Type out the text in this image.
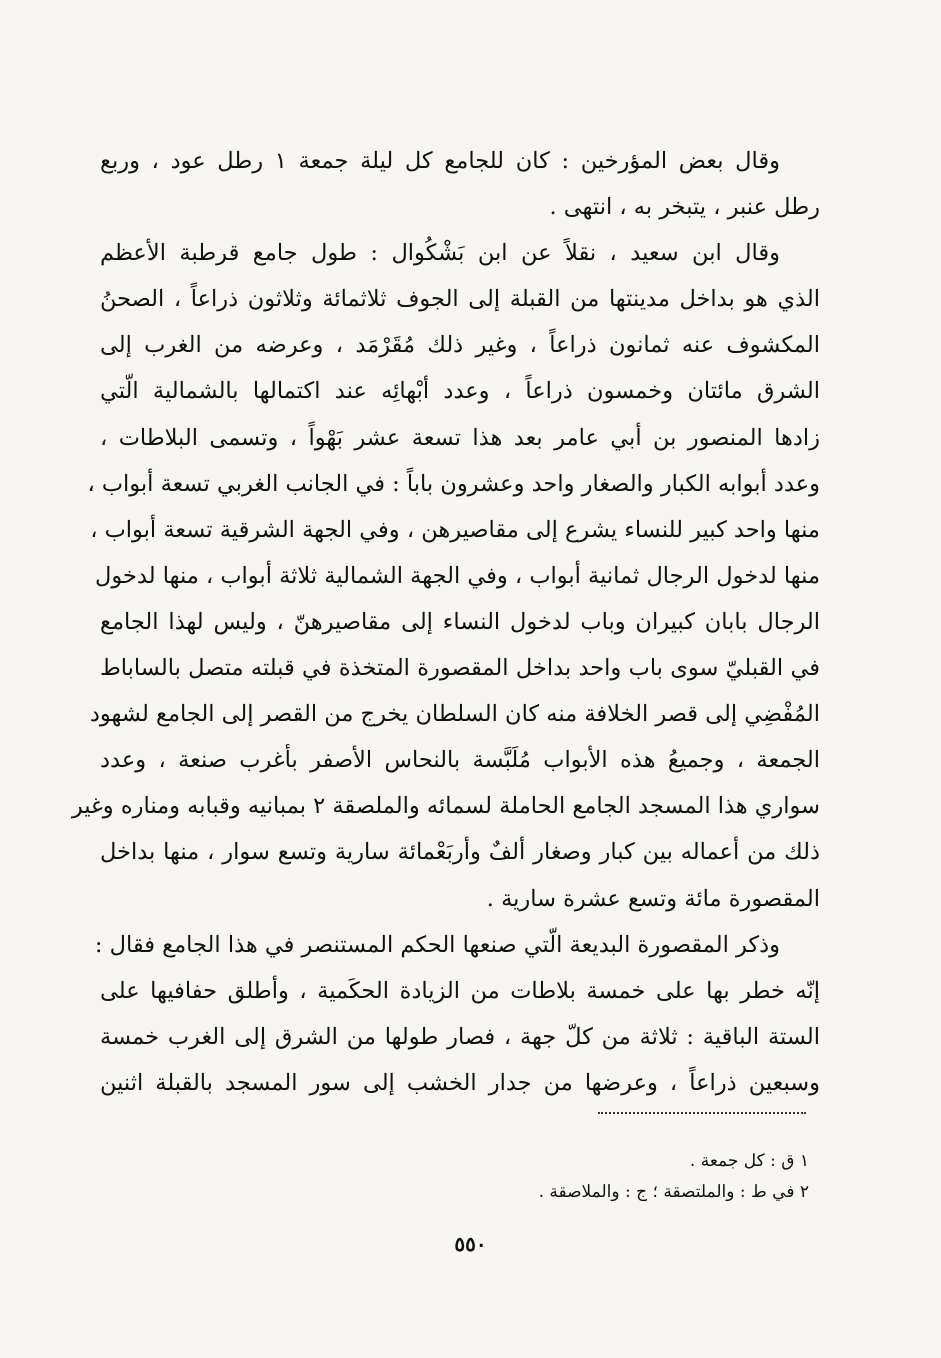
وقال بعض المؤرخين : كان للجامع كل ليلة جمعة ١ رطل عود ، وربع
رطل عنبر ، يتبخر به ، انتهى .
وقال ابن سعيد ، نقلاً عن ابن بَشْكُوال : طول جامع قرطبة الأعظم
الذي هو بداخل مدينتها من القبلة إلى الجوف ثلاثمائة وثلاثون ذراعاً ، الصحنُ
المكشوف عنه ثمانون ذراعاً ، وغير ذلك مُقَرْمَد ، وعرضه من الغرب إلى
الشرق مائتان وخمسون ذراعاً ، وعدد أبْهائِه عند اكتمالها بالشمالية الّتي
زادها المنصور بن أبي عامر بعد هذا تسعة عشر بَهْواً ، وتسمى البلاطات ،
وعدد أبوابه الكبار والصغار واحد وعشرون باباً : في الجانب الغربي تسعة أبواب ،
منها واحد كبير للنساء يشرع إلى مقاصيرهن ، وفي الجهة الشرقية تسعة أبواب ،
منها لدخول الرجال ثمانية أبواب ، وفي الجهة الشمالية ثلاثة أبواب ، منها لدخول
الرجال بابان كبيران وباب لدخول النساء إلى مقاصيرهنّ ، وليس لهذا الجامع
في القبليّ سوى باب واحد بداخل المقصورة المتخذة في قبلته متصل بالساباط
المُفْضِي إلى قصر الخلافة منه كان السلطان يخرج من القصر إلى الجامع لشهود
الجمعة ، وجميعُ هذه الأبواب مُلَبَّسة بالنحاس الأصفر بأغرب صنعة ، وعدد
سواري هذا المسجد الجامع الحاملة لسمائه والملصقة ٢ بمبانيه وقبابه ومناره وغير
ذلك من أعماله بين كبار وصغار ألفٌ وأربَعْمائة سارية وتسع سوار ، منها بداخل
المقصورة مائة وتسع عشرة سارية .
وذكر المقصورة البديعة الّتي صنعها الحكم المستنصر في هذا الجامع فقال :
إنّه خطر بها على خمسة بلاطات من الزيادة الحكَمية ، وأطلق حفافيها على
الستة الباقية : ثلاثة من كلّ جهة ، فصار طولها من الشرق إلى الغرب خمسة
وسبعين ذراعاً ، وعرضها من جدار الخشب إلى سور المسجد بالقبلة اثنين
١ ق : كل جمعة .
٢ في ط : والملتصقة ؛ ج : والملاصقة .
٥٥٠
